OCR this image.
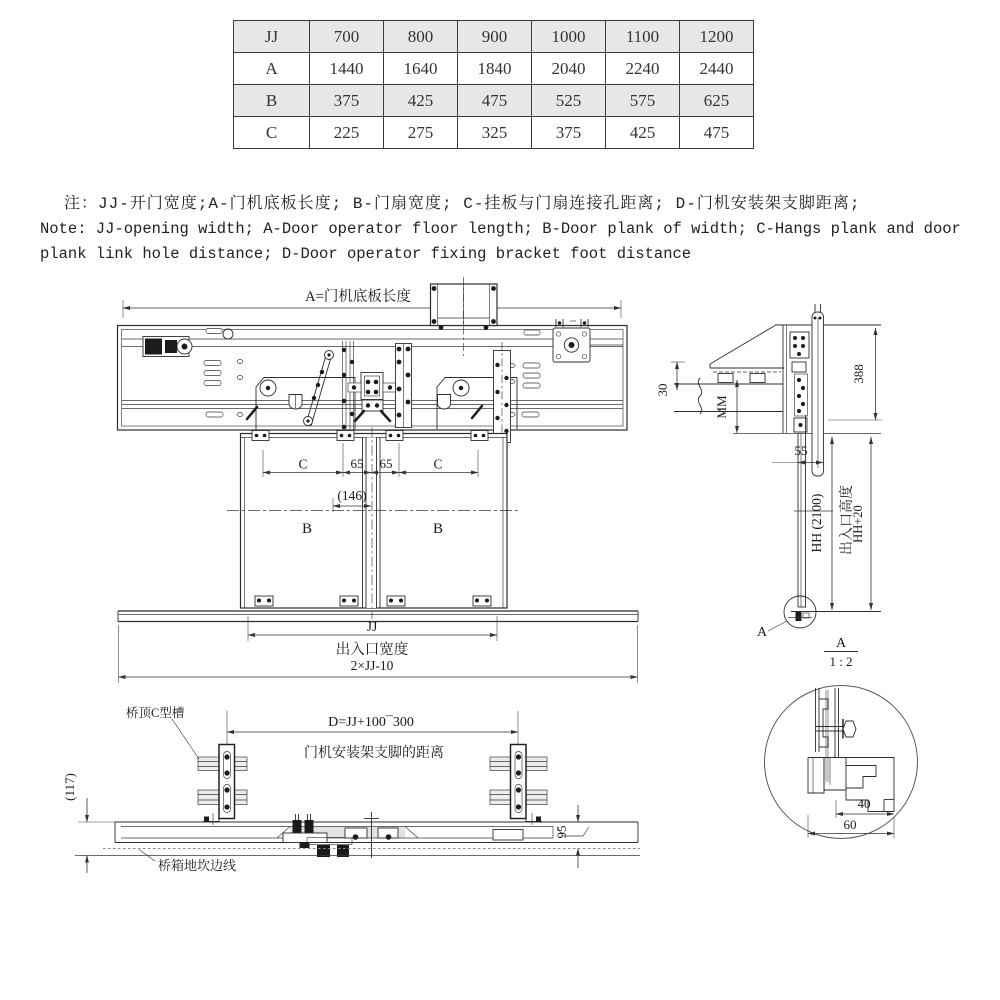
JJ	700	800	900	1000	1100	1200
A	1440	1640	1840	2040	2240	2440
B	375	425	475	525	575	625
C	225	275	325	375	425	475
注：JJ-开门宽度;A-门机底板长度; B-门扇宽度; C-挂板与门扇连接孔距离; D-门机安装架支脚距离;
Note: JJ-opening width; A-Door operator floor length; B-Door plank of width; C-Hangs plank and door
plank link hole distance; D-Door operator fixing bracket foot distance
A=门机底板长度
C	65 65	C
(146)
B	B
JJ
出入口宽度
2×JJ-10
30
MM
388
55
HH (2100) 出入口高度
HH+20
A
A
1 : 2
D=JJ+100¯300
门机安装架支脚的距离
桥顶C型槽
(117)
95
桥箱地坎边线
40
60
